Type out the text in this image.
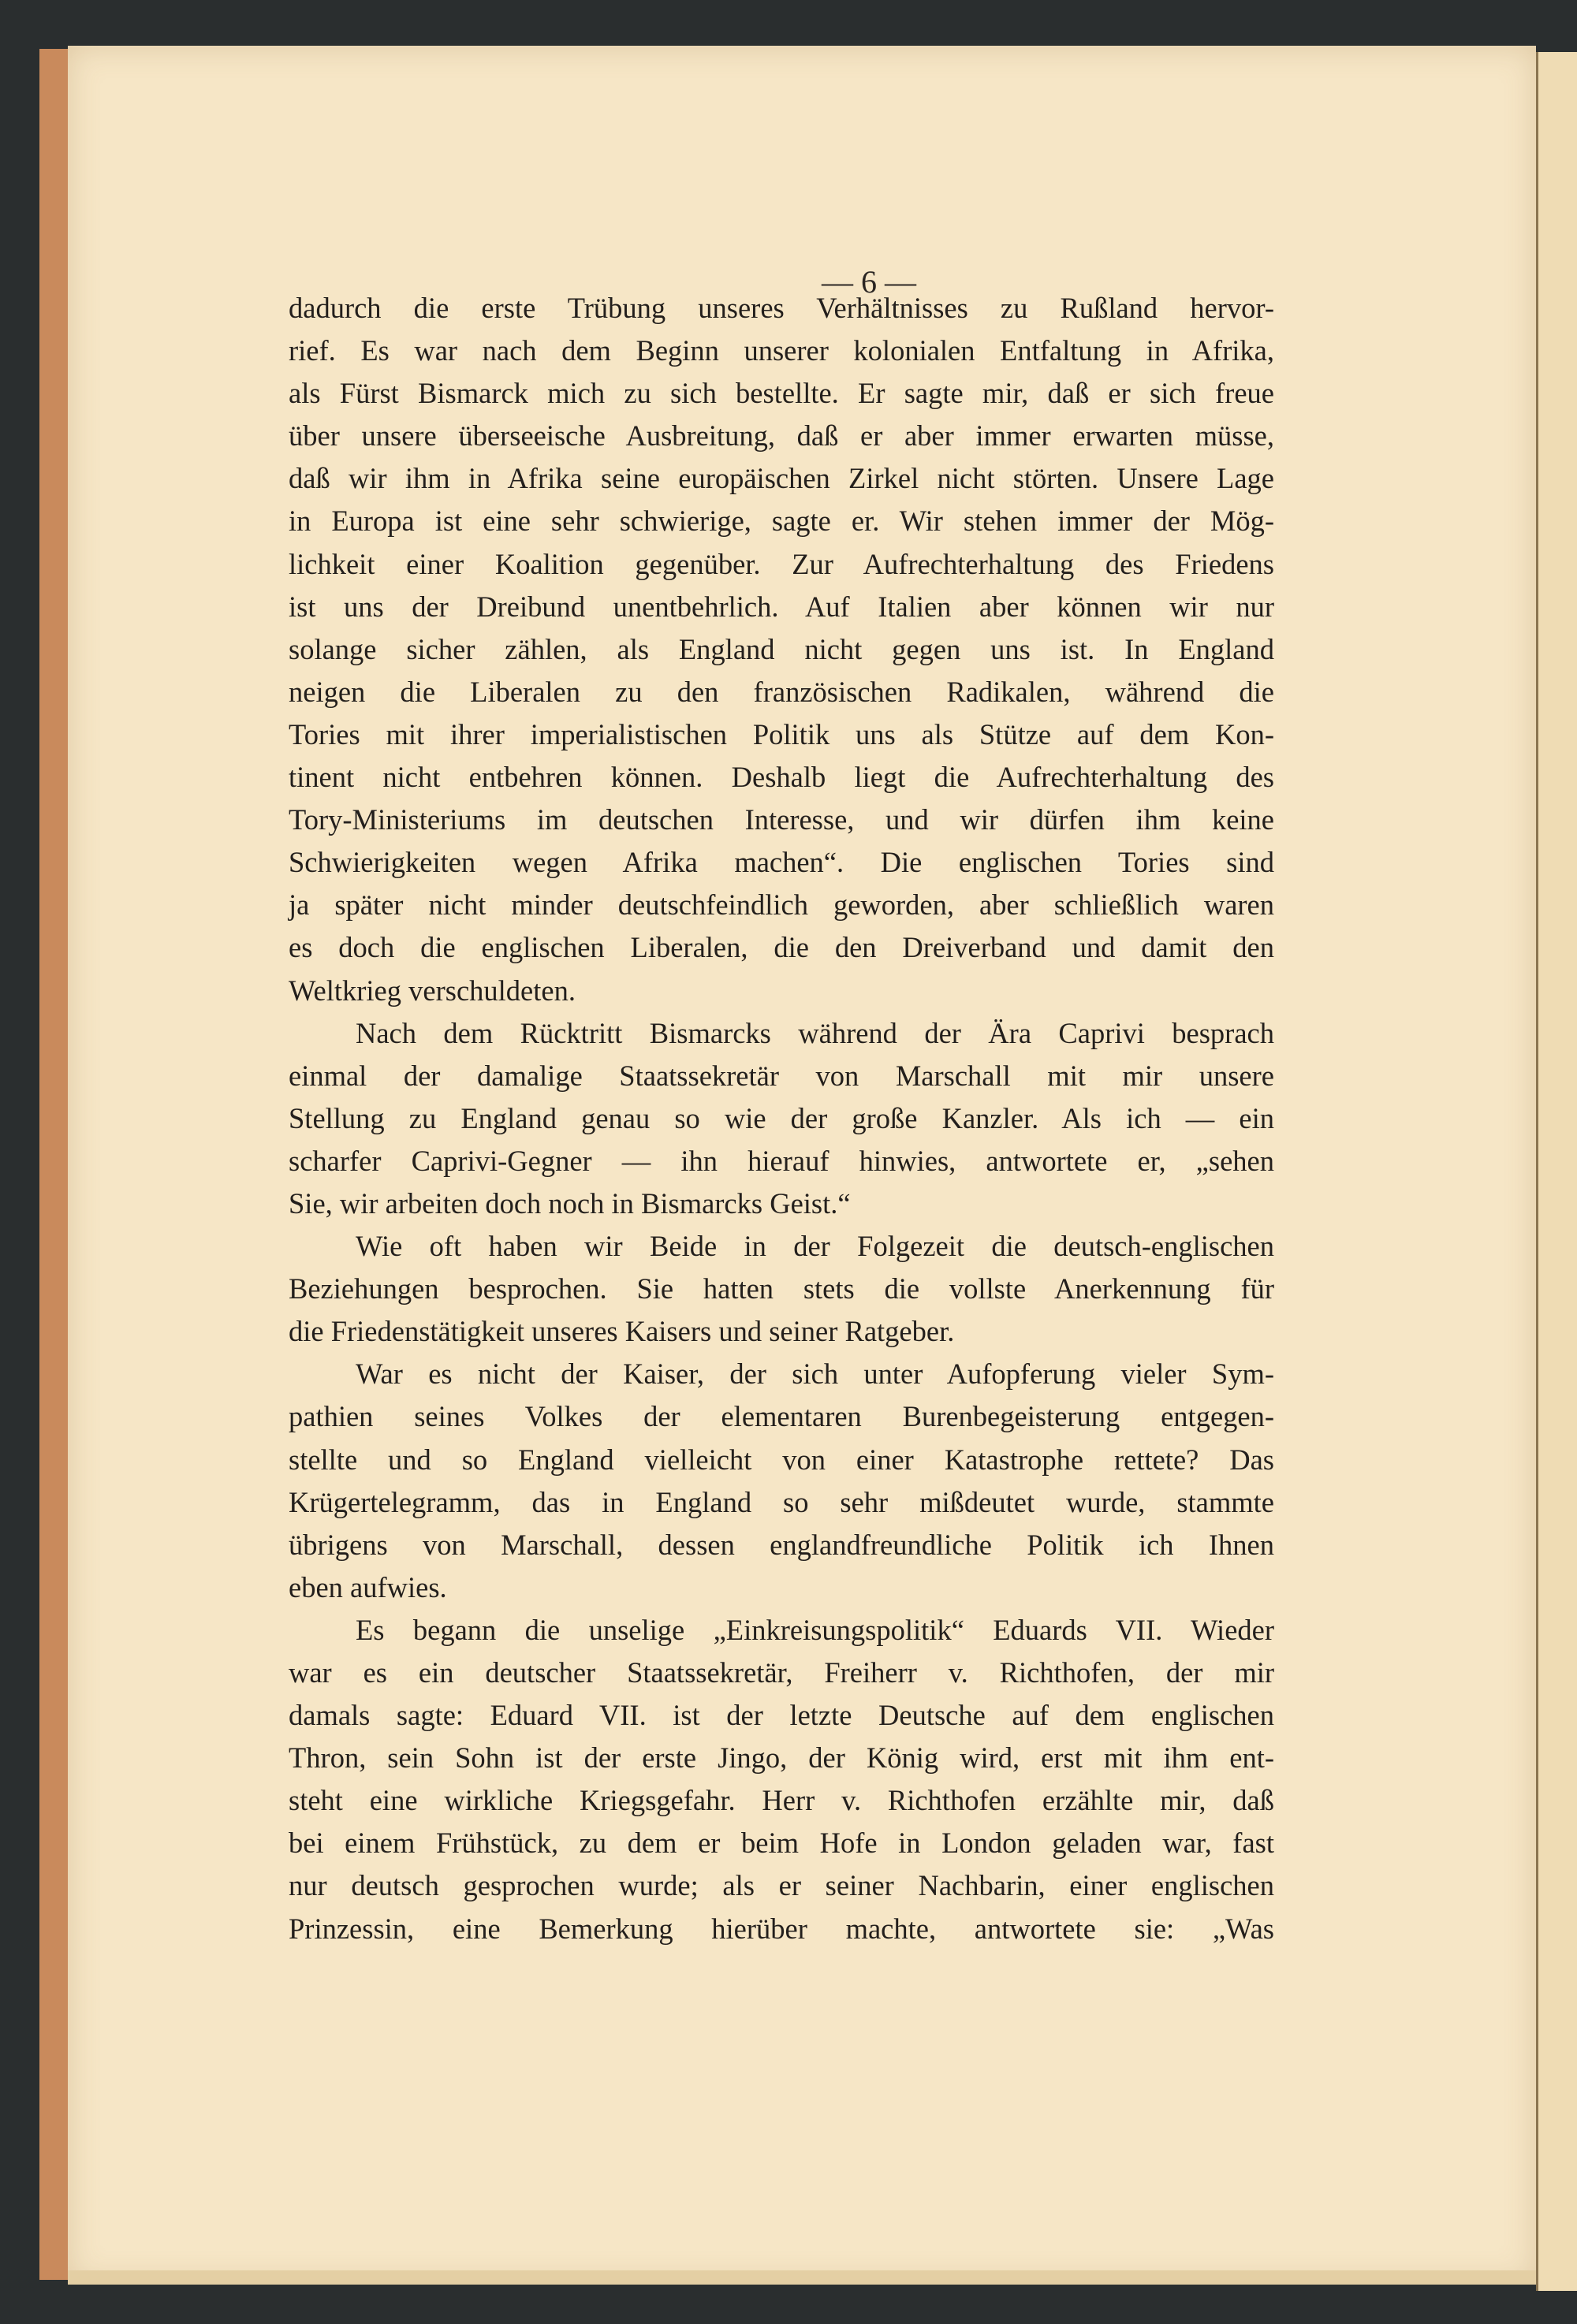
— 6 —
dadurch die erste Trübung unseres Verhältnisses zu Rußland hervor-
rief. Es war nach dem Beginn unserer kolonialen Entfaltung in Afrika,
als Fürst Bismarck mich zu sich bestellte. Er sagte mir, daß er sich freue
über unsere überseeische Ausbreitung, daß er aber immer erwarten müsse,
daß wir ihm in Afrika seine europäischen Zirkel nicht störten. Unsere Lage
in Europa ist eine sehr schwierige, sagte er. Wir stehen immer der Mög-
lichkeit einer Koalition gegenüber. Zur Aufrechterhaltung des Friedens
ist uns der Dreibund unentbehrlich. Auf Italien aber können wir nur
solange sicher zählen, als England nicht gegen uns ist. In England
neigen die Liberalen zu den französischen Radikalen, während die
Tories mit ihrer imperialistischen Politik uns als Stütze auf dem Kon-
tinent nicht entbehren können. Deshalb liegt die Aufrechterhaltung des
Tory-Ministeriums im deutschen Interesse, und wir dürfen ihm keine
Schwierigkeiten wegen Afrika machen“. Die englischen Tories sind
ja später nicht minder deutschfeindlich geworden, aber schließlich waren
es doch die englischen Liberalen, die den Dreiverband und damit den
Weltkrieg verschuldeten.
Nach dem Rücktritt Bismarcks während der Ära Caprivi besprach
einmal der damalige Staatssekretär von Marschall mit mir unsere
Stellung zu England genau so wie der große Kanzler. Als ich — ein
scharfer Caprivi-Gegner — ihn hierauf hinwies, antwortete er, „sehen
Sie, wir arbeiten doch noch in Bismarcks Geist.“
Wie oft haben wir Beide in der Folgezeit die deutsch-englischen
Beziehungen besprochen. Sie hatten stets die vollste Anerkennung für
die Friedenstätigkeit unseres Kaisers und seiner Ratgeber.
War es nicht der Kaiser, der sich unter Aufopferung vieler Sym-
pathien seines Volkes der elementaren Burenbegeisterung entgegen-
stellte und so England vielleicht von einer Katastrophe rettete? Das
Krügertelegramm, das in England so sehr mißdeutet wurde, stammte
übrigens von Marschall, dessen englandfreundliche Politik ich Ihnen
eben aufwies.
Es begann die unselige „Einkreisungspolitik“ Eduards VII. Wieder
war es ein deutscher Staatssekretär, Freiherr v. Richthofen, der mir
damals sagte: Eduard VII. ist der letzte Deutsche auf dem englischen
Thron, sein Sohn ist der erste Jingo, der König wird, erst mit ihm ent-
steht eine wirkliche Kriegsgefahr. Herr v. Richthofen erzählte mir, daß
bei einem Frühstück, zu dem er beim Hofe in London geladen war, fast
nur deutsch gesprochen wurde; als er seiner Nachbarin, einer englischen
Prinzessin, eine Bemerkung hierüber machte, antwortete sie: „Was
